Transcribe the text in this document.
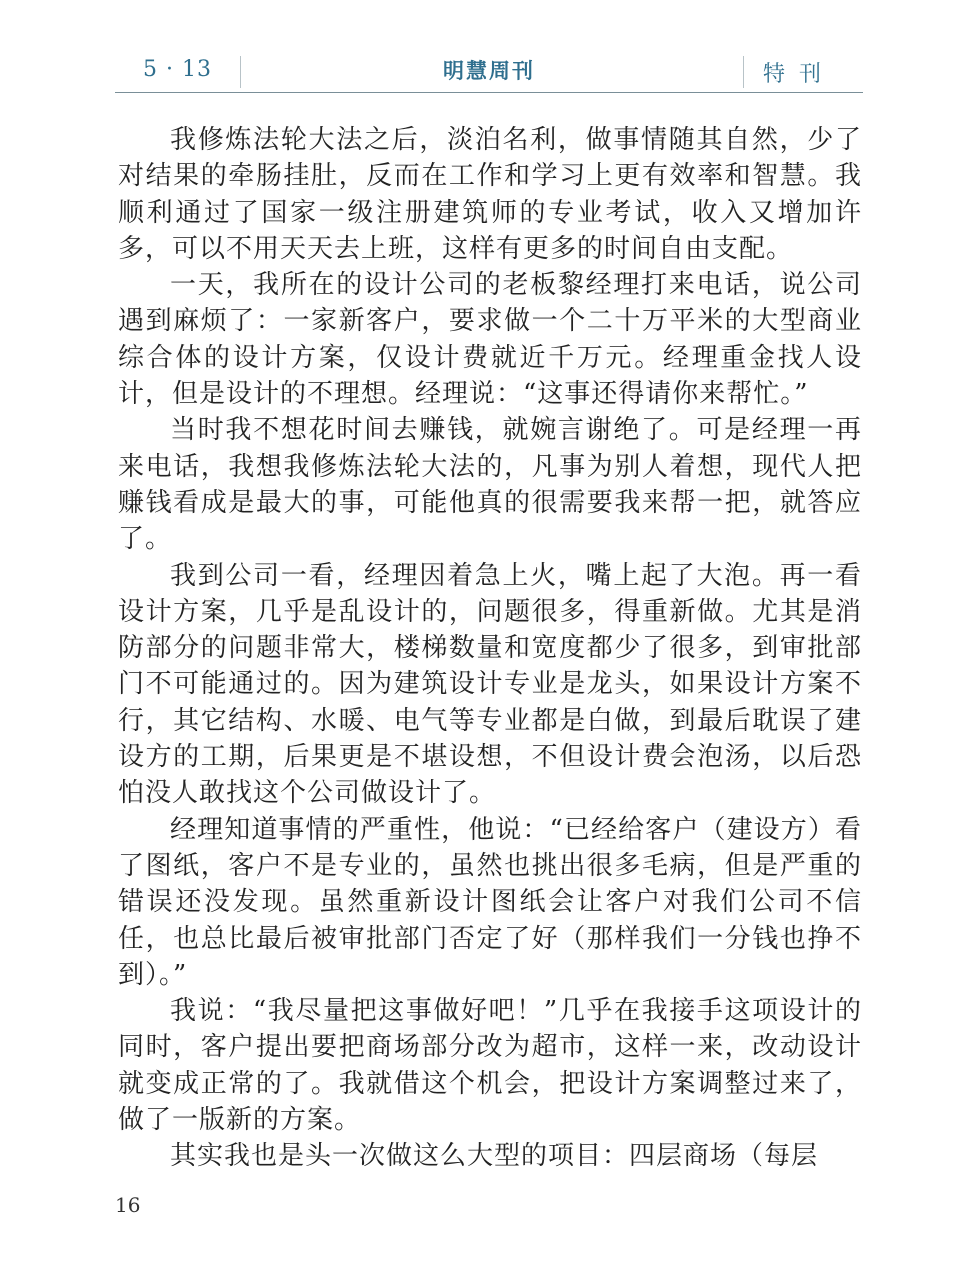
5 · 13	明慧周刊	特刊

我修炼法轮大法之后，淡泊名利，做事情随其自然，少了对结果的牵肠挂肚，反而在工作和学习上更有效率和智慧。我顺利通过了国家一级注册建筑师的专业考试，收入又增加许多，可以不用天天去上班，这样有更多的时间自由支配。

一天，我所在的设计公司的老板黎经理打来电话，说公司遇到麻烦了：一家新客户，要求做一个二十万平米的大型商业综合体的设计方案，仅设计费就近千万元。经理重金找人设计，但是设计的不理想。经理说：“这事还得请你来帮忙。”

当时我不想花时间去赚钱，就婉言谢绝了。可是经理一再来电话，我想我修炼法轮大法的，凡事为别人着想，现代人把赚钱看成是最大的事，可能他真的很需要我来帮一把，就答应了。

我到公司一看，经理因着急上火，嘴上起了大泡。再一看设计方案，几乎是乱设计的，问题很多，得重新做。尤其是消防部分的问题非常大，楼梯数量和宽度都少了很多，到审批部门不可能通过的。因为建筑设计专业是龙头，如果设计方案不行，其它结构、水暖、电气等专业都是白做，到最后耽误了建设方的工期，后果更是不堪设想，不但设计费会泡汤，以后恐怕没人敢找这个公司做设计了。

经理知道事情的严重性，他说：“已经给客户（建设方）看了图纸，客户不是专业的，虽然也挑出很多毛病，但是严重的错误还没发现。虽然重新设计图纸会让客户对我们公司不信任，也总比最后被审批部门否定了好（那样我们一分钱也挣不到）。”

我说：“我尽量把这事做好吧！”几乎在我接手这项设计的同时，客户提出要把商场部分改为超市，这样一来，改动设计就变成正常的了。我就借这个机会，把设计方案调整过来了，做了一版新的方案。

其实我也是头一次做这么大型的项目：四层商场（每层

16
